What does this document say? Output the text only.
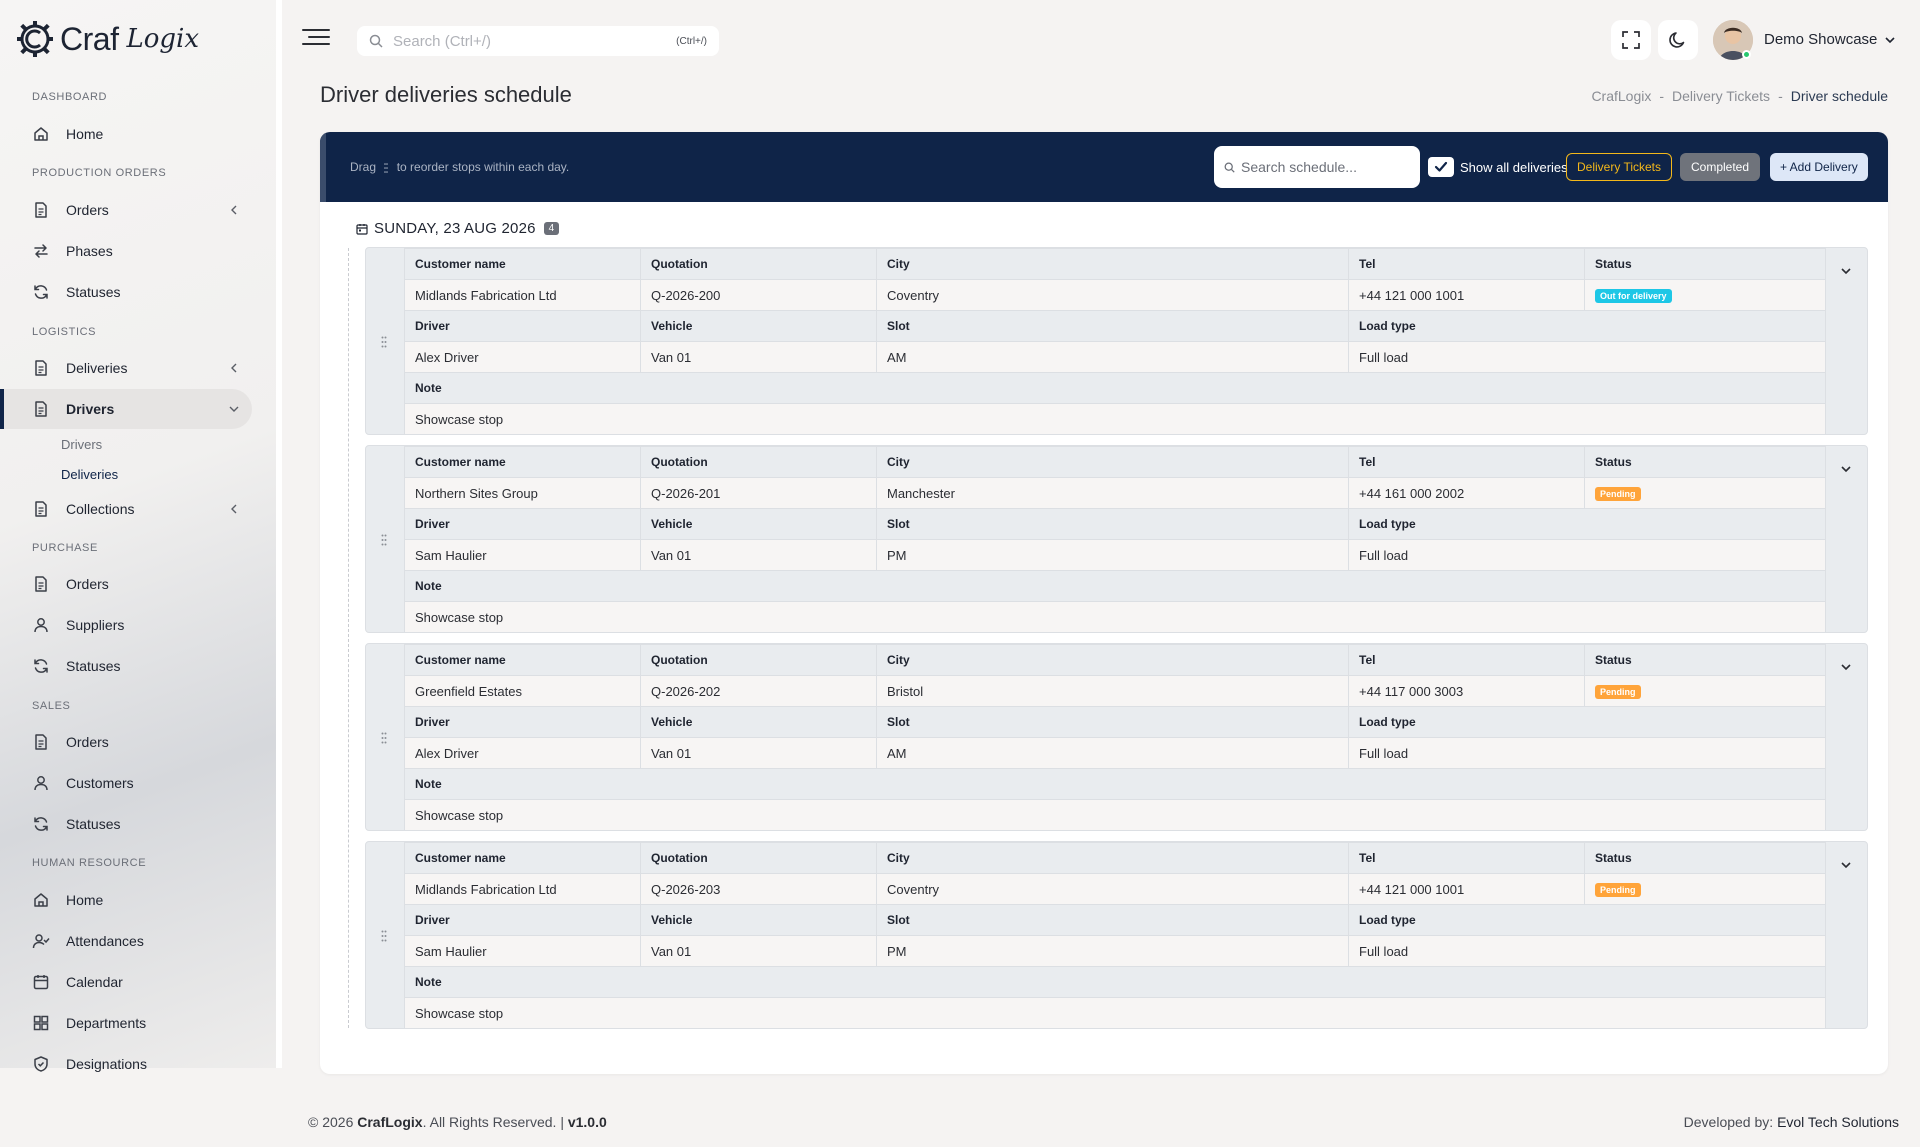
Craf Logix
DASHBOARD
Home
PRODUCTION ORDERS
Orders
Phases
Statuses
LOGISTICS
Deliveries
Drivers
Drivers
Deliveries
Collections
PURCHASE
Orders
Suppliers
Statuses
SALES
Orders
Customers
Statuses
HUMAN RESOURCE
Home
Attendances
Calendar
Departments
Designations
Search (Ctrl+/)
(Ctrl+/)	Demo Showcase
Driver deliveries schedule	CrafLogix - Delivery Tickets - Driver schedule
Drag to reorder stops within each day.
Search schedule...	Show all deliveries Delivery Tickets	Completed	+ Add Delivery
SUNDAY, 23 AUG 2026	4
Customer name	Quotation	City	Tel	Status
Midlands Fabrication Ltd	Q-2026-200	Coventry	+44 121 000 1001	Out for delivery
Driver	Vehicle	Slot	Load type	
Alex Driver	Van 01	AM	Full load	
Note				
Showcase stop				
Customer name	Quotation	City	Tel	Status
Northern Sites Group	Q-2026-201	Manchester	+44 161 000 2002	Pending
Driver	Vehicle	Slot	Load type	
Sam Haulier	Van 01	PM	Full load	
Note				
Showcase stop				
Customer name	Quotation	City	Tel	Status
Greenfield Estates	Q-2026-202	Bristol	+44 117 000 3003	Pending
Driver	Vehicle	Slot	Load type	
Alex Driver	Van 01	AM	Full load	
Note				
Showcase stop				
Customer name	Quotation	City	Tel	Status
Midlands Fabrication Ltd	Q-2026-203	Coventry	+44 121 000 1001	Pending
Driver	Vehicle	Slot	Load type	
Sam Haulier	Van 01	PM	Full load	
Note				
Showcase stop				
© 2026 CrafLogix. All Rights Reserved. | v1.0.0	Developed by: Evol Tech Solutions
